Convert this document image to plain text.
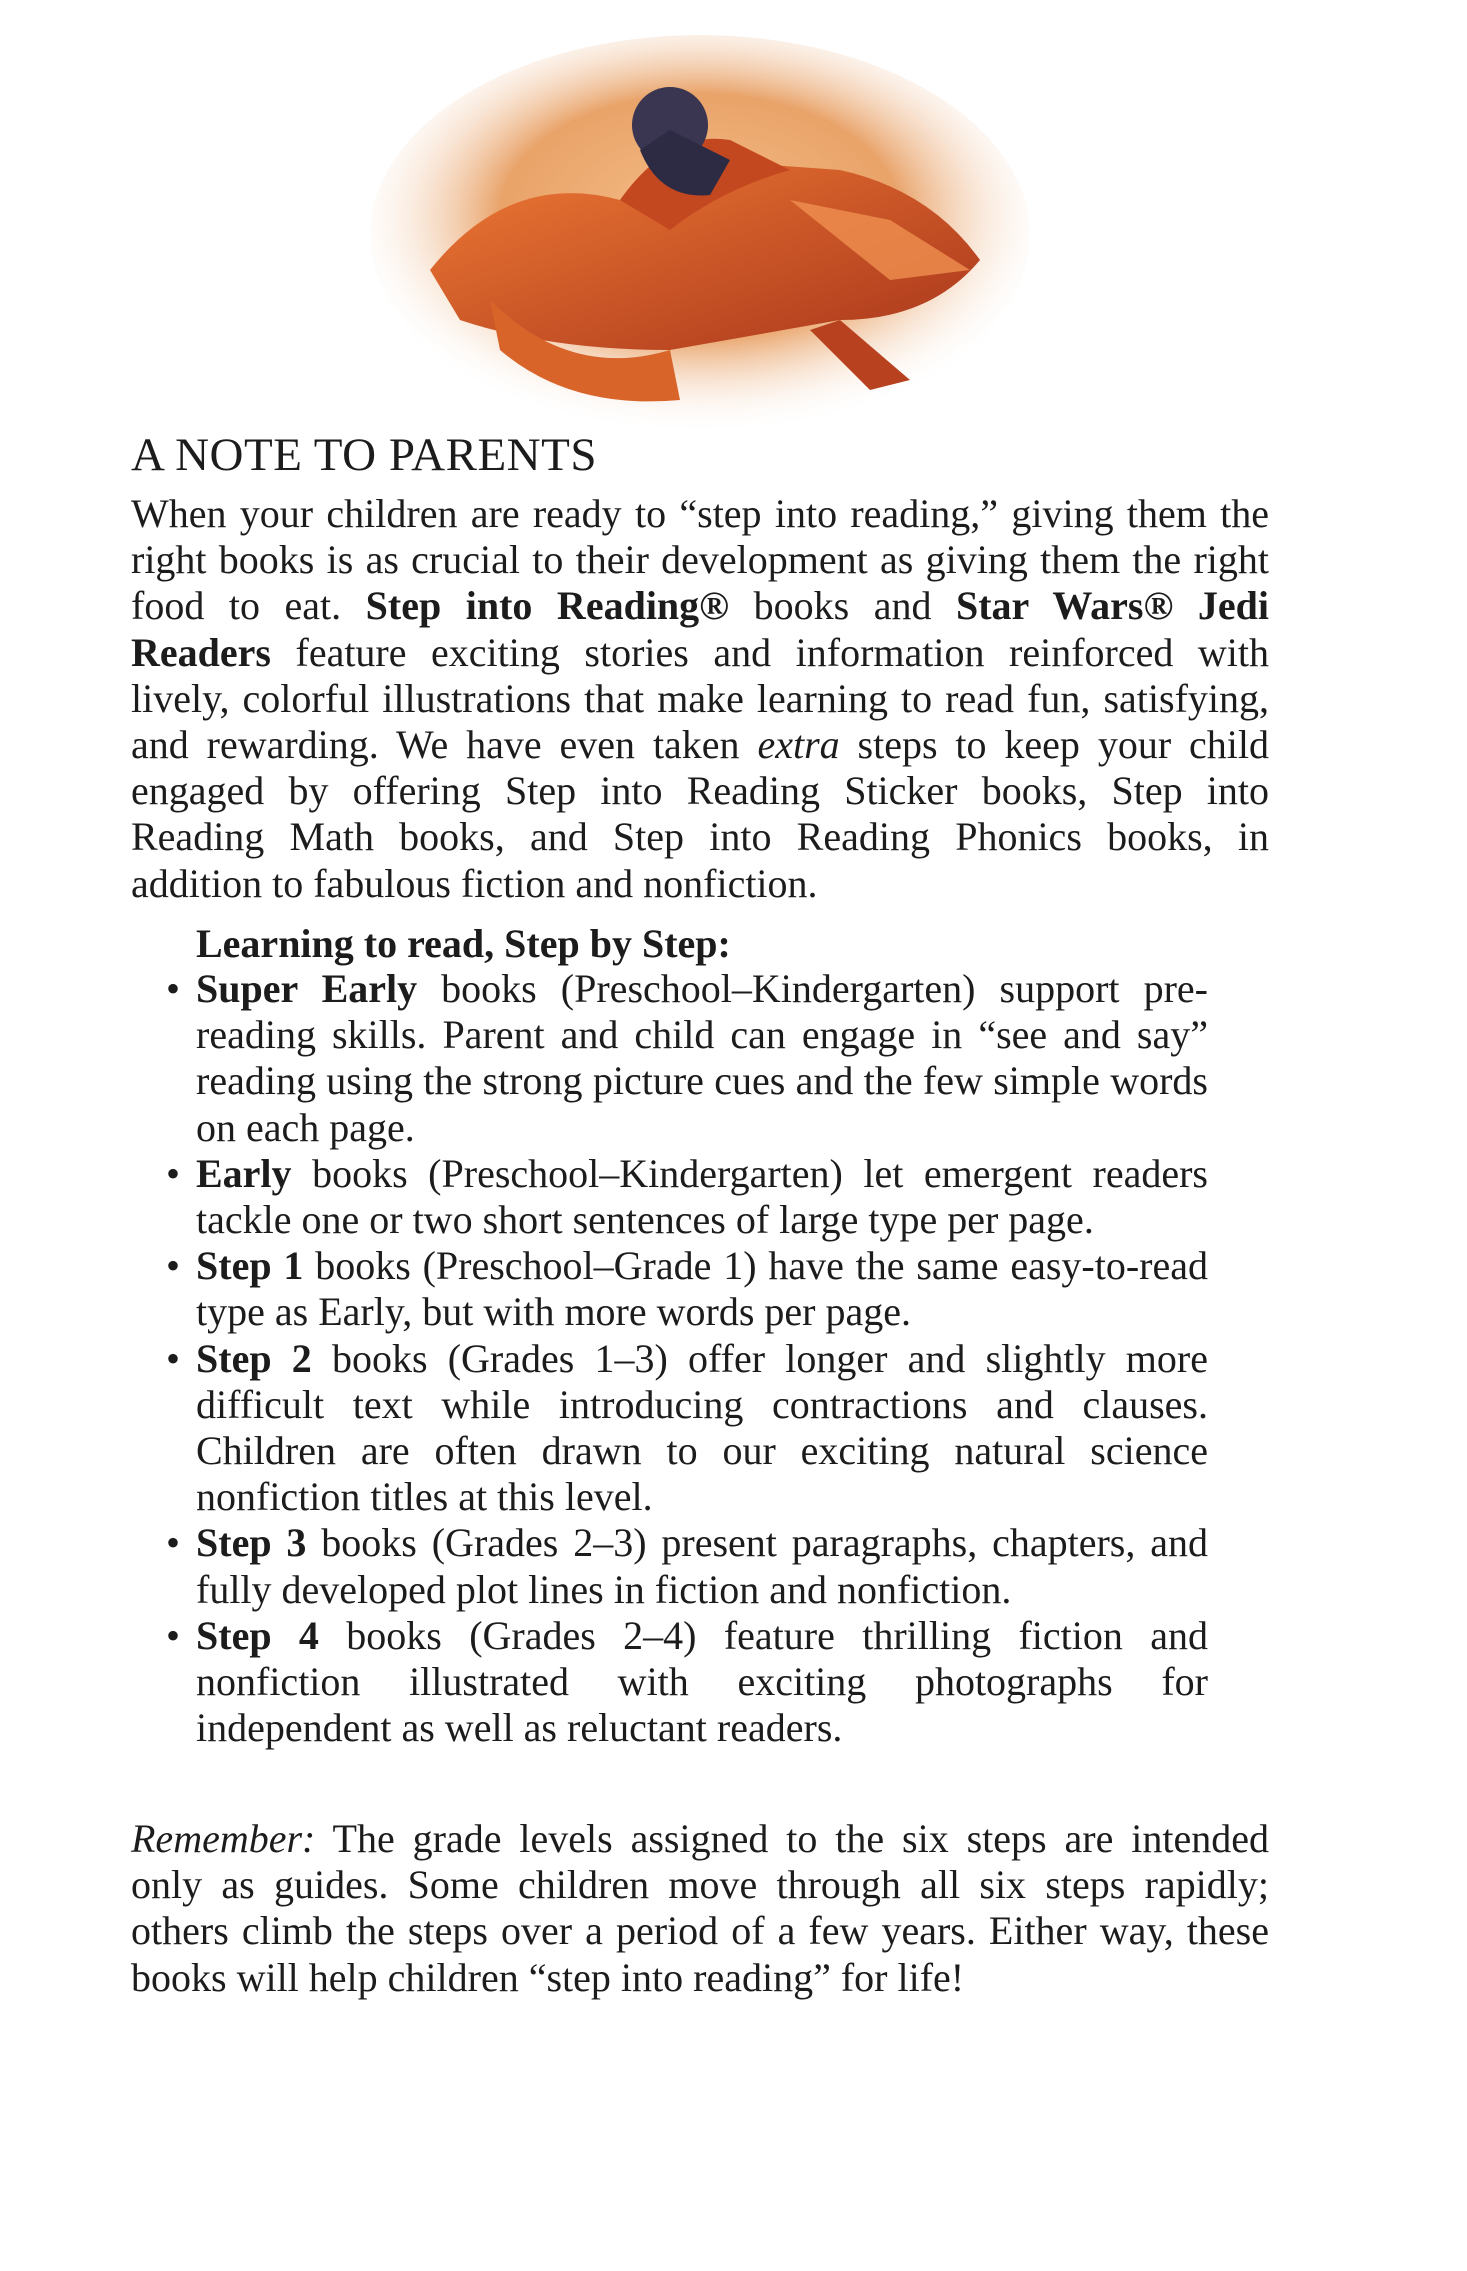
A NOTE TO PARENTS

When your children are ready to “step into reading,” giving them the right books is as crucial to their development as giving them the right food to eat. Step into Reading® books and Star Wars® Jedi Readers feature exciting stories and information reinforced with lively, colorful illustrations that make learning to read fun, satisfying, and rewarding. We have even taken extra steps to keep your child engaged by offering Step into Reading Sticker books, Step into Reading Math books, and Step into Reading Phonics books, in addition to fabulous fiction and nonfiction.

Learning to read, Step by Step:

• Super Early books (Preschool–Kindergarten) support pre-reading skills. Parent and child can engage in “see and say” reading using the strong picture cues and the few simple words on each page.
• Early books (Preschool–Kindergarten) let emergent readers tackle one or two short sentences of large type per page.
• Step 1 books (Preschool–Grade 1) have the same easy-to-read type as Early, but with more words per page.
• Step 2 books (Grades 1–3) offer longer and slightly more difficult text while introducing contractions and clauses. Children are often drawn to our exciting natural science nonfiction titles at this level.
• Step 3 books (Grades 2–3) present paragraphs, chapters, and fully developed plot lines in fiction and nonfiction.
• Step 4 books (Grades 2–4) feature thrilling fiction and nonfiction illustrated with exciting photographs for independent as well as reluctant readers.

Remember: The grade levels assigned to the six steps are intended only as guides. Some children move through all six steps rapidly; others climb the steps over a period of a few years. Either way, these books will help children “step into reading” for life!
